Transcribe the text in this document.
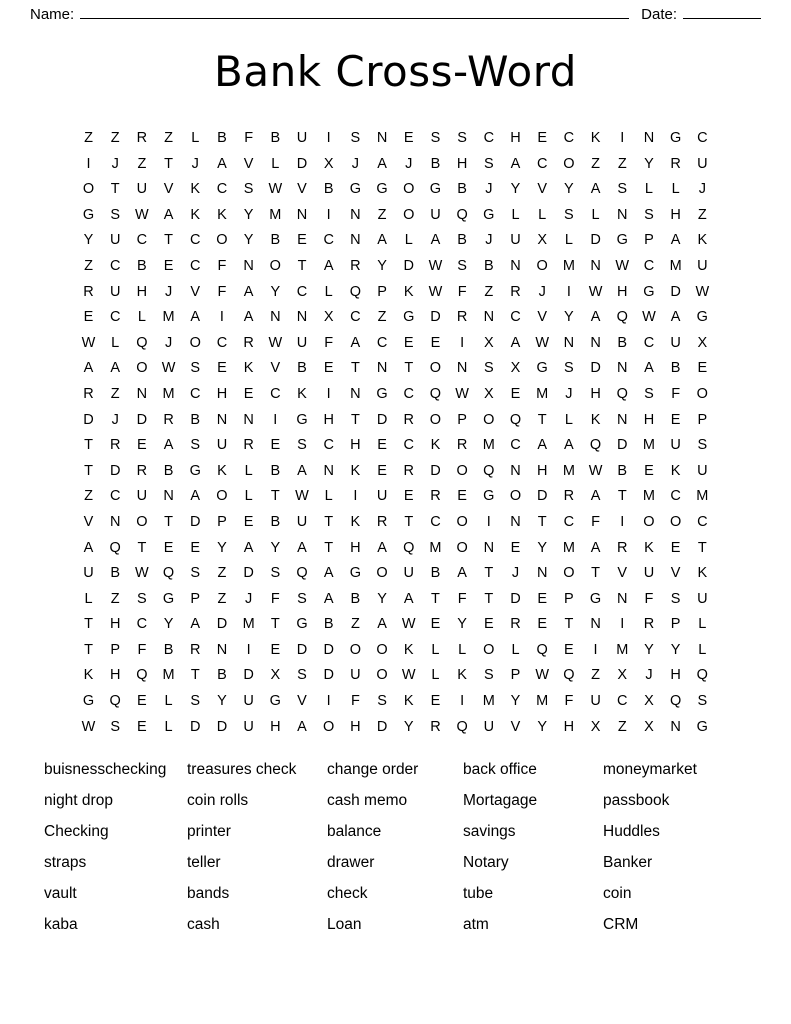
Name:	Date:
Bank Cross-Word
Z	Z	R	Z	L	B	F	B	U	I	S	N	E	S	S	C	H	E	C	K	I	N	G	C
I	J	Z	T	J	A	V	L	D	X	J	A	J	B	H	S	A	C	O	Z	Z	Y	R	U
O	T	U	V	K	C	S	W	V	B	G	G	O	G	B	J	Y	V	Y	A	S	L	L	J
G	S	W	A	K	K	Y	M	N	I	N	Z	O	U	Q	G	L	L	S	L	N	S	H	Z
Y	U	C	T	C	O	Y	B	E	C	N	A	L	A	B	J	U	X	L	D	G	P	A	K
Z	C	B	E	C	F	N	O	T	A	R	Y	D	W	S	B	N	O	M	N	W	C	M	U
R	U	H	J	V	F	A	Y	C	L	Q	P	K	W	F	Z	R	J	I	W	H	G	D	W
E	C	L	M	A	I	A	N	N	X	C	Z	G	D	R	N	C	V	Y	A	Q W	A	G
W	L	Q	J	O	C	R	W	U	F	A	C	E	E	I	X	A	W	N	N	B	C	U	X
A	A	O W	S	E	K	V	B	E	T	N	T	O	N	S	X	G	S	D	N	A	B	E
R	Z	N	M	C	H	E	C	K	I	N	G	C	Q W	X	E	M	J	H	Q	S	F	O
D	J	D	R	B	N	N	I	G	H	T	D	R	O	P	O	Q	T	L	K	N	H	E	P
T	R	E	A	S	U	R	E	S	C	H	E	C	K	R	M	C	A	A	Q	D	M	U	S
T	D	R	B	G	K	L	B	A	N	K	E	R	D	O	Q	N	H	M W	B	E	K	U
Z	C	U	N	A	O	L	T	W	L	I	U	E	R	E	G	O	D	R	A	T	M	C	M
V	N	O	T	D	P	E	B	U	T	K	R	T	C	O	I	N	T	C	F	I	O	O	C
A	Q	T	E	E	Y	A	Y	A	T	H	A	Q	M	O	N	E	Y	M	A	R	K	E	T
U	B	W Q	S	Z	D	S	Q	A	G	O	U	B	A	T	J	N	O	T	V	U	V	K
L	Z	S	G	P	Z	J	F	S	A	B	Y	A	T	F	T	D	E	P	G	N	F	S	U
T	H	C	Y	A	D	M	T	G	B	Z	A	W	E	Y	E	R	E	T	N	I	R	P	L
T	P	F	B	R	N	I	E	D	D	O	O	K	L	L	O	L	Q	E	I	M	Y	Y	L
K	H	Q	M	T	B	D	X	S	D	U	O W	L	K	S	P	W Q	Z	X	J	H	Q
G	Q	E	L	S	Y	U	G	V	I	F	S	K	E	I	M	Y	M	F	U	C	X	Q	S
W	S	E	L	D	D	U	H	A	O	H	D	Y	R	Q	U	V	Y	H	X	Z	X	N	G
buisnesschecking	treasures check	change order	back office	moneymarket
night drop	coin rolls	cash memo	Mortagage	passbook
Checking	printer	balance	savings	Huddles
straps	teller	drawer	Notary	Banker
vault	bands	check	tube	coin
kaba	cash	Loan	atm	CRM
